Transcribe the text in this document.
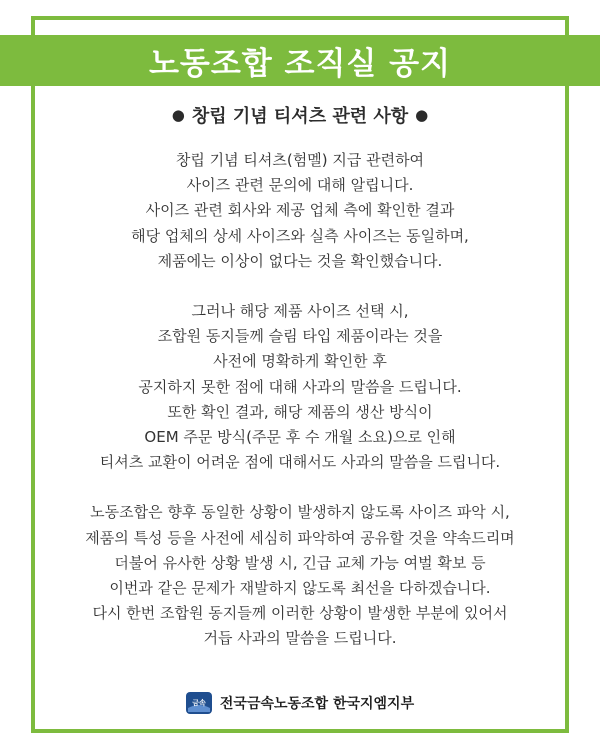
노동조합 조직실 공지
● 창립 기념 티셔츠 관련 사항 ●

창립 기념 티셔츠(험멜) 지급 관련하여
사이즈 관련 문의에 대해 알립니다.
사이즈 관련 회사와 제공 업체 측에 확인한 결과
해당 업체의 상세 사이즈와 실측 사이즈는 동일하며,
제품에는 이상이 없다는 것을 확인했습니다.

그러나 해당 제품 사이즈 선택 시,
조합원 동지들께 슬림 타입 제품이라는 것을
사전에 명확하게 확인한 후
공지하지 못한 점에 대해 사과의 말씀을 드립니다.
또한 확인 결과, 해당 제품의 생산 방식이
OEM 주문 방식(주문 후 수 개월 소요)으로 인해
티셔츠 교환이 어려운 점에 대해서도 사과의 말씀을 드립니다.

노동조합은 향후 동일한 상황이 발생하지 않도록 사이즈 파악 시,
제품의 특성 등을 사전에 세심히 파악하여 공유할 것을 약속드리며
더불어 유사한 상황 발생 시, 긴급 교체 가능 여벌 확보 등
이번과 같은 문제가 재발하지 않도록 최선을 다하겠습니다.
다시 한번 조합원 동지들께 이러한 상황이 발생한 부분에 있어서
거듭 사과의 말씀을 드립니다.

금속 전국금속노동조합 한국지엠지부
